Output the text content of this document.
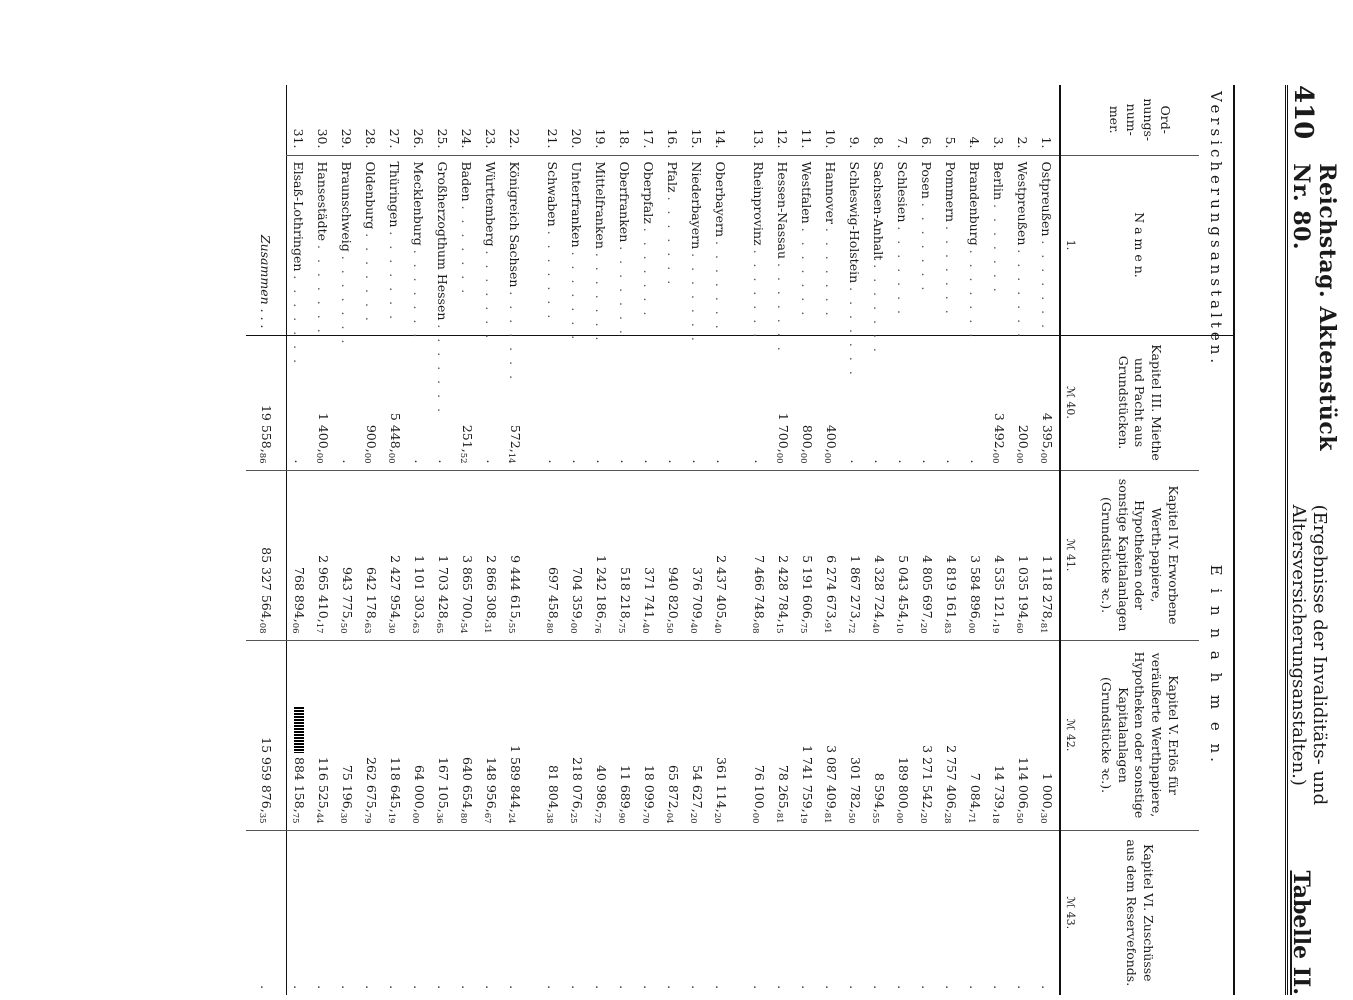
410
Reichstag. Aktenstück Nr. 80.
(Ergebnisse der Invaliditäts- und Altersversicherungsanstalten.)
Tabelle II.
Versicherungsanstalten.		E i n n a h m e n.			
Ord-nungs-num-mer.	N a m e n.	Kapitel III. Miethe und Pacht aus Grundstücken.	Kapitel IV. Erworbene Werth-papiere, Hypotheken oder sonstige Kapitalanlagen (Grundstücke ꝛc.).	Kapitel V. Erlös für veräußerte Werthpapiere, Hypotheken oder sonstige Kapitalanlagen (Grundstücke ꝛc.).	Kapitel VI. Zuschüsse aus dem Reservefonds.
	1.	ℳ 40.	ℳ 41.	ℳ 42.	ℳ 43.
1.	Ostpreußen . . . . . . .	4 395,00	1 118 278,81	1 000,30	.
2.	Westpreußen . . . . . . .	200,00	1 035 194,60	114 006,50	.
3.	Berlin . . . . . . .	3 492,00	4 535 121,19	14 739,18	.
4.	Brandenburg . . . . . . .	.	3 584 896,00	7 084,71	.
5.	Pommern . . . . . . .	.	4 819 161,83	2 757 406,28	.
6.	Posen . . . . . . .	.	4 805 697,20	3 271 542,20	.
7.	Schlesien . . . . . . .	.	5 043 454,10	189 800,00	.
8.	Sachsen-Anhalt . . . . . . .	.	4 328 724,40	8 594,55	.
9.	Schleswig-Holstein . . . . . . .	.	1 867 273,72	301 782,50	.
10.	Hannover . . . . . . .	400,00	6 274 673,91	3 087 409,81	.
11.	Westfalen . . . . . . .	800,00	5 191 606,75	1 741 759,19	.
12.	Hessen-Nassau . . . . . . .	1 700,00	2 428 784,15	78 265,81	.
13.	Rheinprovinz . . . . . . .	.	7 466 748,08	76 100,00	.

14.	Oberbayern . . . . . . .	.	2 437 405,40	361 114,20	.
15.	Niederbayern . . . . . . .	.	376 709,40	54 627,20	.
16.	Pfalz . . . . . . .	.	940 820,50	65 872,04	.
17.	Oberpfalz . . . . . . .	.	371 741,40	18 099,70	.
18.	Oberfranken . . . . . . .	.	518 218,75	11 689,90	.
19.	Mittelfranken . . . . . . .	.	1 242 186,76	40 986,72	.
20.	Unterfranken . . . . . . .	.	704 359,00	218 076,25	.
21.	Schwaben . . . . . . .	.	697 458,80	81 804,38	.

22.	Königreich Sachsen . . . . . . .	572,14	9 444 615,55	1 589 844,24	.
23.	Württemberg . . . . . . .	.	2 866 308,31	148 956,67	.
24.	Baden . . . . . . .	251,52	3 865 700,54	640 654,80	.
25.	Großherzogthum Hessen . . . . . . .	.	1 703 428,65	167 105,36	.
26.	Mecklenburg . . . . . . .	.	1 101 303,63	64 000,00	.
27.	Thüringen . . . . . . .	5 448,00	2 427 954,30	118 645,19	.
28.	Oldenburg . . . . . . .	900,00	642 178,63	262 675,79	.
29.	Braunschweig . . . . . . .	.	943 775,50	75 196,30	.
30.	Hansestädte . . . . . . .	1 400,00	2 965 410,17	116 525,44	.
31.	Elsaß-Lothringen . . . . . . .	.	768 894,06	884 158,75	.
Zusammen . . .		19 558,86	85 327 564,08	15 959 876,35	.
